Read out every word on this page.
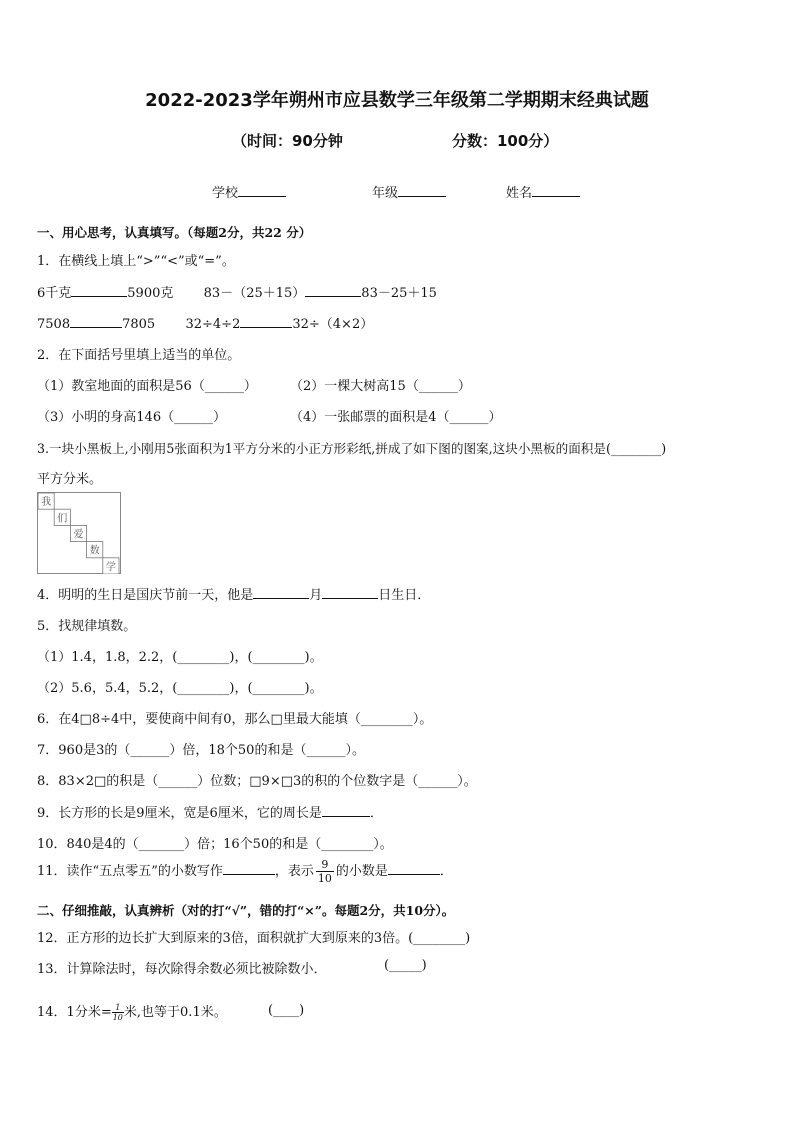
2022-2023学年朔州市应县数学三年级第二学期期末经典试题
（时间：90分钟	分数：100分）
学校	年级	姓名
一、用心思考，认真填写。（每题2分，共22 分）
1．在横线上填上“>”“<”或“=”。
6千克	5900克 83－（25＋15）	83－25＋15
7508	7805 32÷4÷2	32÷（4×2）
2．在下面括号里填上适当的单位。
（1）教室地面的面积是56（______）	（2）一棵大树高15（______）
（3）小明的身高146（______）	（4）一张邮票的面积是4（______）
3.一块小黑板上,小刚用5张面积为1平方分米的小正方形彩纸,拼成了如下图的图案,这块小黑板的面积是(________)
平方分米。
我
们
爱
数
学
4．明明的生日是国庆节前一天，他是	月	日生日．
5．找规律填数。
（1）1.4，1.8，2.2，(________)，(________)。
（2）5.6，5.4，5.2，(________)，(________)。
6．在4□8÷4中，要使商中间有0，那么□里最大能填（________）。
7．960是3的（______）倍，18个50的和是（______）。
8．83×2□的积是（______）位数；□9×□3的积的个位数字是（______）。
9．长方形的长是9厘米，宽是6厘米，它的周长是	．
10．840是4的（_______）倍；16个50的和是（________）。
11．读作“五点零五”的小数写作	，表示 $\frac{9}{10}$ 的小数是	．
二、仔细推敲，认真辨析（对的打“√”，错的打“×”。每题2分，共10分）。
12．正方形的边长扩大到原来的3倍，面积就扩大到原来的3倍。(________)
13．计算除法时，每次除得余数必须比被除数小．	(_____)
14．1分米= $\frac{1}{10}$ 米,也等于0.1米。	(____)
